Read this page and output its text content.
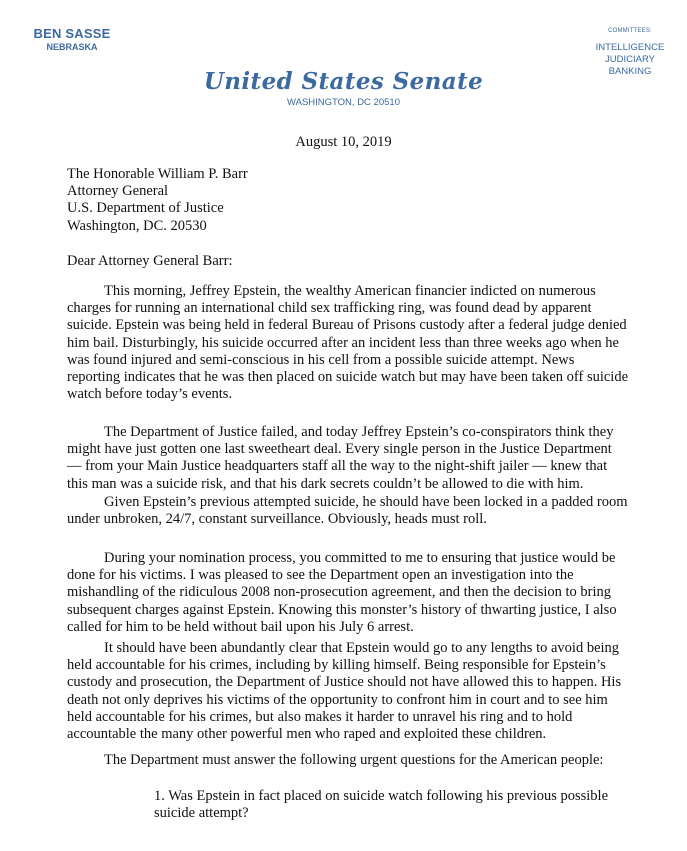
BEN SASSE
NEBRASKA
United States Senate
WASHINGTON, DC 20510
COMMITTEES:
INTELLIGENCE
JUDICIARY
BANKING
August 10, 2019
The Honorable William P. Barr
Attorney General
U.S. Department of Justice
Washington, DC. 20530
Dear Attorney General Barr:

This morning, Jeffrey Epstein, the wealthy American financier indicted on numerous charges for running an international child sex trafficking ring, was found dead by apparent suicide. Epstein was being held in federal Bureau of Prisons custody after a federal judge denied him bail. Disturbingly, his suicide occurred after an incident less than three weeks ago when he was found injured and semi-conscious in his cell from a possible suicide attempt. News reporting indicates that he was then placed on suicide watch but may have been taken off suicide watch before today’s events.

The Department of Justice failed, and today Jeffrey Epstein’s co-conspirators think they might have just gotten one last sweetheart deal. Every single person in the Justice Department — from your Main Justice headquarters staff all the way to the night-shift jailer — knew that this man was a suicide risk, and that his dark secrets couldn’t be allowed to die with him.

Given Epstein’s previous attempted suicide, he should have been locked in a padded room under unbroken, 24/7, constant surveillance. Obviously, heads must roll.

During your nomination process, you committed to me to ensuring that justice would be done for his victims. I was pleased to see the Department open an investigation into the mishandling of the ridiculous 2008 non-prosecution agreement, and then the decision to bring subsequent charges against Epstein. Knowing this monster’s history of thwarting justice, I also called for him to be held without bail upon his July 6 arrest.

It should have been abundantly clear that Epstein would go to any lengths to avoid being held accountable for his crimes, including by killing himself. Being responsible for Epstein’s custody and prosecution, the Department of Justice should not have allowed this to happen. His death not only deprives his victims of the opportunity to confront him in court and to see him held accountable for his crimes, but also makes it harder to unravel his ring and to hold accountable the many other powerful men who raped and exploited these children.

The Department must answer the following urgent questions for the American people:

1. Was Epstein in fact placed on suicide watch following his previous possible suicide attempt?
